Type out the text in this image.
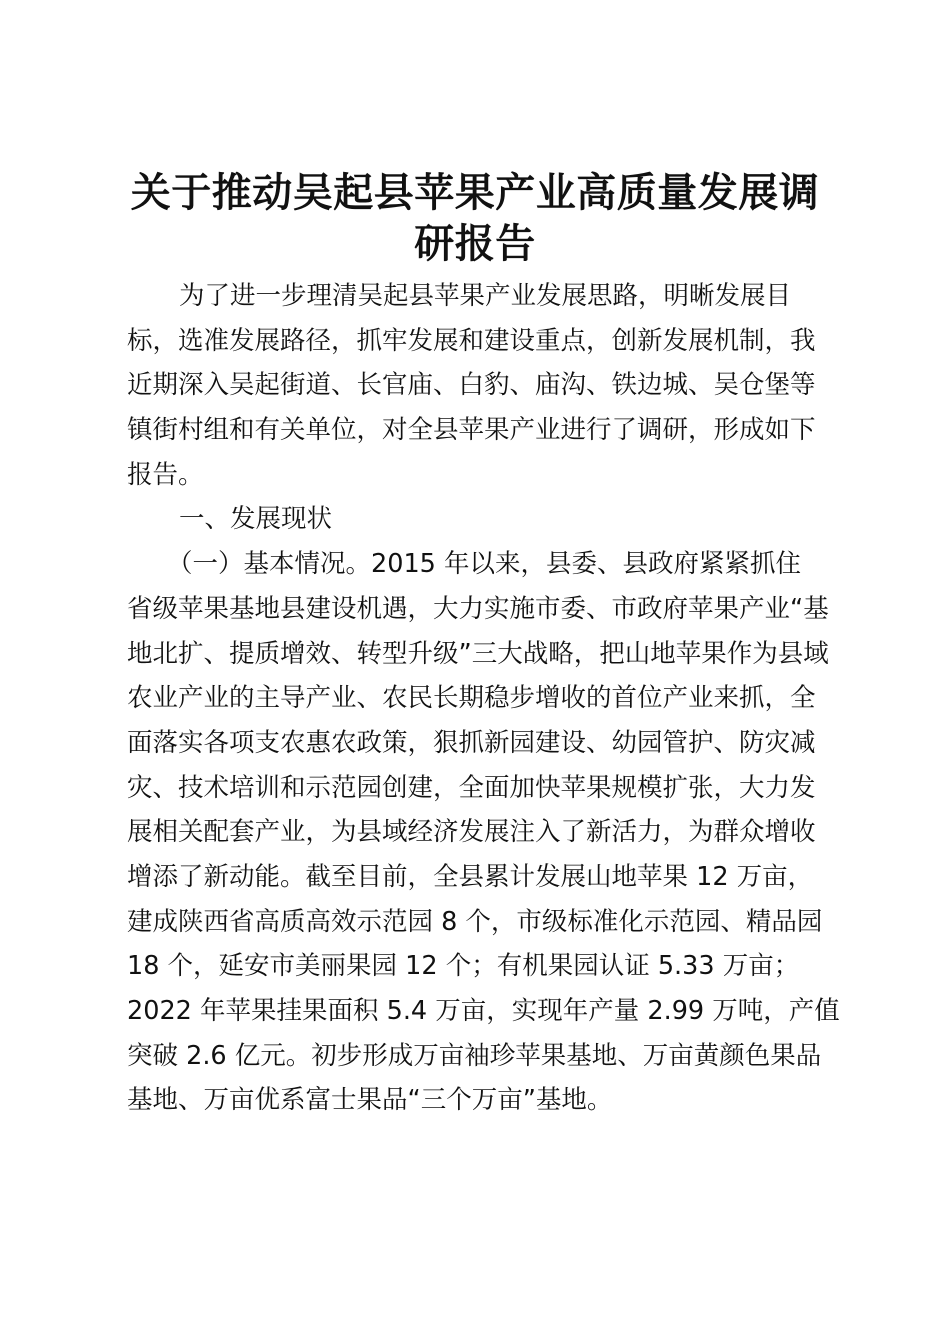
关于推动吴起县苹果产业高质量发展调
研报告
为了进一步理清吴起县苹果产业发展思路，明晰发展目
标，选准发展路径，抓牢发展和建设重点，创新发展机制，我
近期深入吴起街道、长官庙、白豹、庙沟、铁边城、吴仓堡等
镇街村组和有关单位，对全县苹果产业进行了调研，形成如下
报告。
一、发展现状
（一）基本情况。2015 年以来，县委、县政府紧紧抓住
省级苹果基地县建设机遇，大力实施市委、市政府苹果产业“基
地北扩、提质增效、转型升级”三大战略，把山地苹果作为县域
农业产业的主导产业、农民长期稳步增收的首位产业来抓，全
面落实各项支农惠农政策，狠抓新园建设、幼园管护、防灾减
灾、技术培训和示范园创建，全面加快苹果规模扩张，大力发
展相关配套产业，为县域经济发展注入了新活力，为群众增收
增添了新动能。截至目前，全县累计发展山地苹果 12 万亩，
建成陕西省高质高效示范园 8 个，市级标准化示范园、精品园
18 个，延安市美丽果园 12 个；有机果园认证 5.33 万亩；
2022 年苹果挂果面积 5.4 万亩，实现年产量 2.99 万吨，产值
突破 2.6 亿元。初步形成万亩袖珍苹果基地、万亩黄颜色果品
基地、万亩优系富士果品“三个万亩”基地。
